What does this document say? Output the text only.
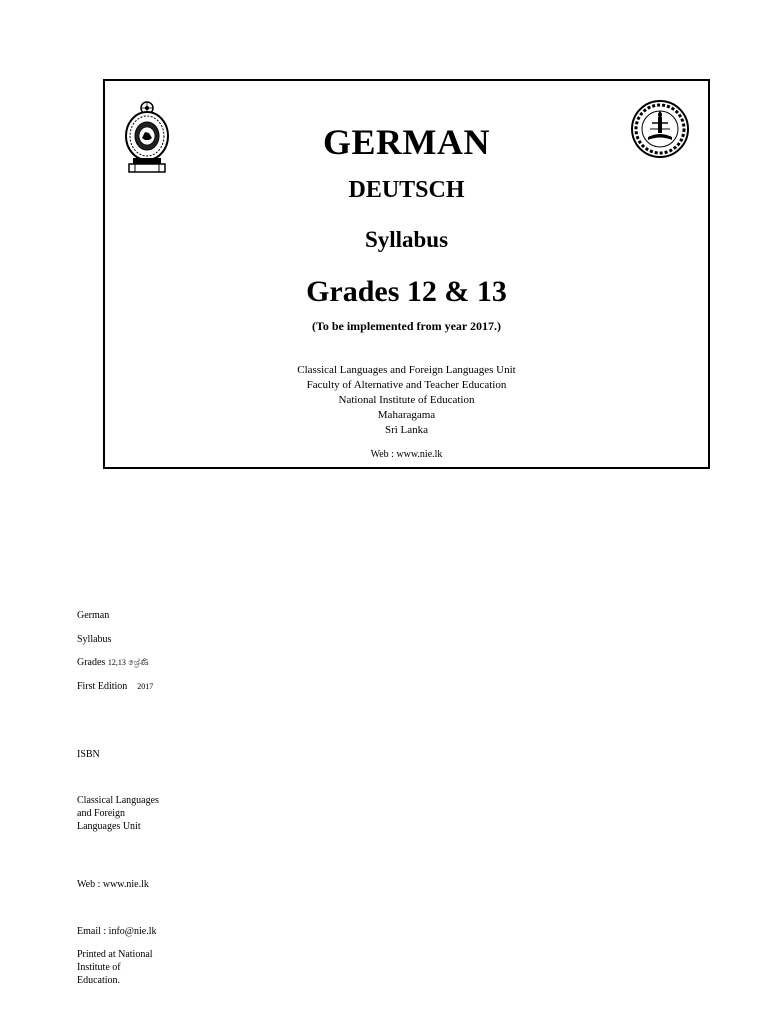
GERMAN
DEUTSCH
Syllabus
Grades 12 & 13
(To be implemented from year 2017.)
Classical Languages and Foreign Languages Unit
Faculty of Alternative and Teacher Education
National Institute of Education
Maharagama
Sri Lanka
Web : www.nie.lk
German
Syllabus
Grades 12,13 ශ්‍රේණි
First Edition 2017
ISBN
Classical Languages
and Foreign
Languages Unit
Web : www.nie.lk
Email : info@nie.lk
Printed at National
Institute of
Education.
